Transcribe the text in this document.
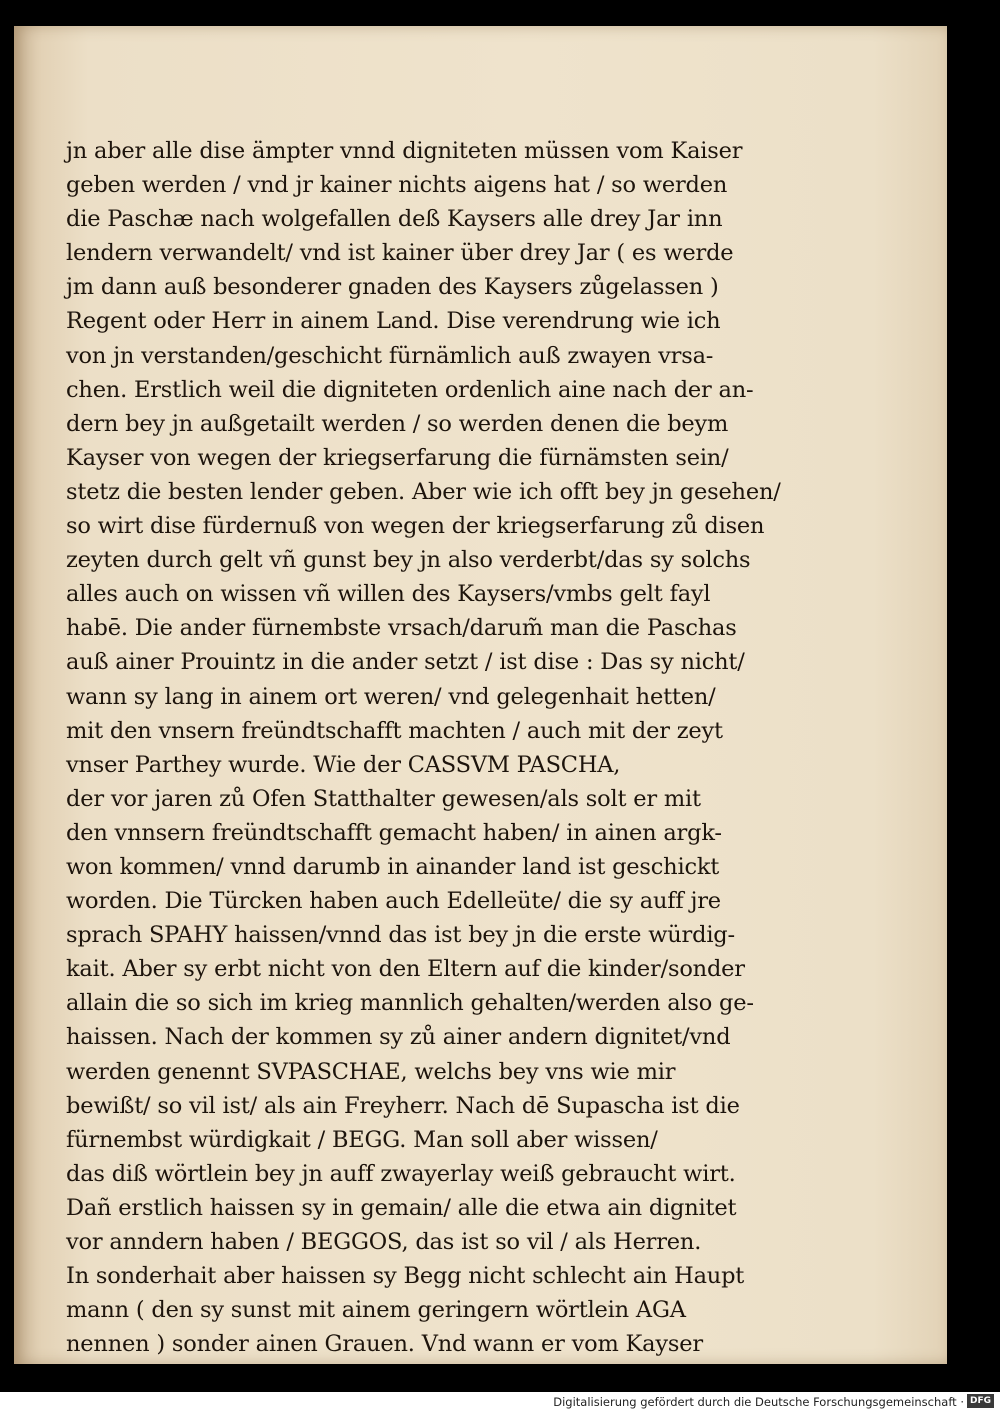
jn aber alle dise ämpter vnnd digniteten müssen vom Kaiser
geben werden / vnd jr kainer nichts aigens hat / so werden
die Paschæ nach wolgefallen deß Kaysers alle drey Jar inn
lendern verwandelt/ vnd ist kainer über drey Jar ( es werde
jm dann auß besonderer gnaden des Kaysers zůgelassen )
Regent oder Herr in ainem Land. Dise verendrung wie ich
von jn verstanden/geschicht fürnämlich auß zwayen vrsa-
chen. Erstlich weil die digniteten ordenlich aine nach der an-
dern bey jn außgetailt werden / so werden denen die beym
Kayser von wegen der kriegserfarung die fürnämsten sein/
stetz die besten lender geben. Aber wie ich offt bey jn gesehen/
so wirt dise fürdernuß von wegen der kriegserfarung zů disen
zeyten durch gelt vñ gunst bey jn also verderbt/das sy solchs
alles auch on wissen vñ willen des Kaysers/vmbs gelt fayl
habē. Die ander fürnembste vrsach/darum̃ man die Paschas
auß ainer Prouintz in die ander setzt / ist dise : Das sy nicht/
wann sy lang in ainem ort weren/ vnd gelegenhait hetten/
mit den vnsern freündtschafft machten / auch mit der zeyt
vnser Parthey wurde. Wie der CASSVM PASCHA,
der vor jaren zů Ofen Statthalter gewesen/als solt er mit
den vnnsern freündtschafft gemacht haben/ in ainen argk-
won kommen/ vnnd darumb in ainander land ist geschickt
worden. Die Türcken haben auch Edelleüte/ die sy auff jre
sprach SPAHY haissen/vnnd das ist bey jn die erste würdig-
kait. Aber sy erbt nicht von den Eltern auf die kinder/sonder
allain die so sich im krieg mannlich gehalten/werden also ge-
haissen. Nach der kommen sy zů ainer andern dignitet/vnd
werden genennt SVPASCHAE, welchs bey vns wie mir
bewißt/ so vil ist/ als ain Freyherr. Nach dē Supascha ist die
fürnembst würdigkait / BEGG. Man soll aber wissen/
das diß wörtlein bey jn auff zwayerlay weiß gebraucht wirt.
Dañ erstlich haissen sy in gemain/ alle die etwa ain dignitet
vor anndern haben / BEGGOS, das ist so vil / als Herren.
In sonderhait aber haissen sy Begg nicht schlecht ain Haupt
mann ( den sy sunst mit ainem geringern wörtlein AGA
nennen ) sonder ainen Grauen. Vnd wann er vom Kayser
Digitalisierung gefördert durch die Deutsche Forschungsgemeinschaft · DFG
